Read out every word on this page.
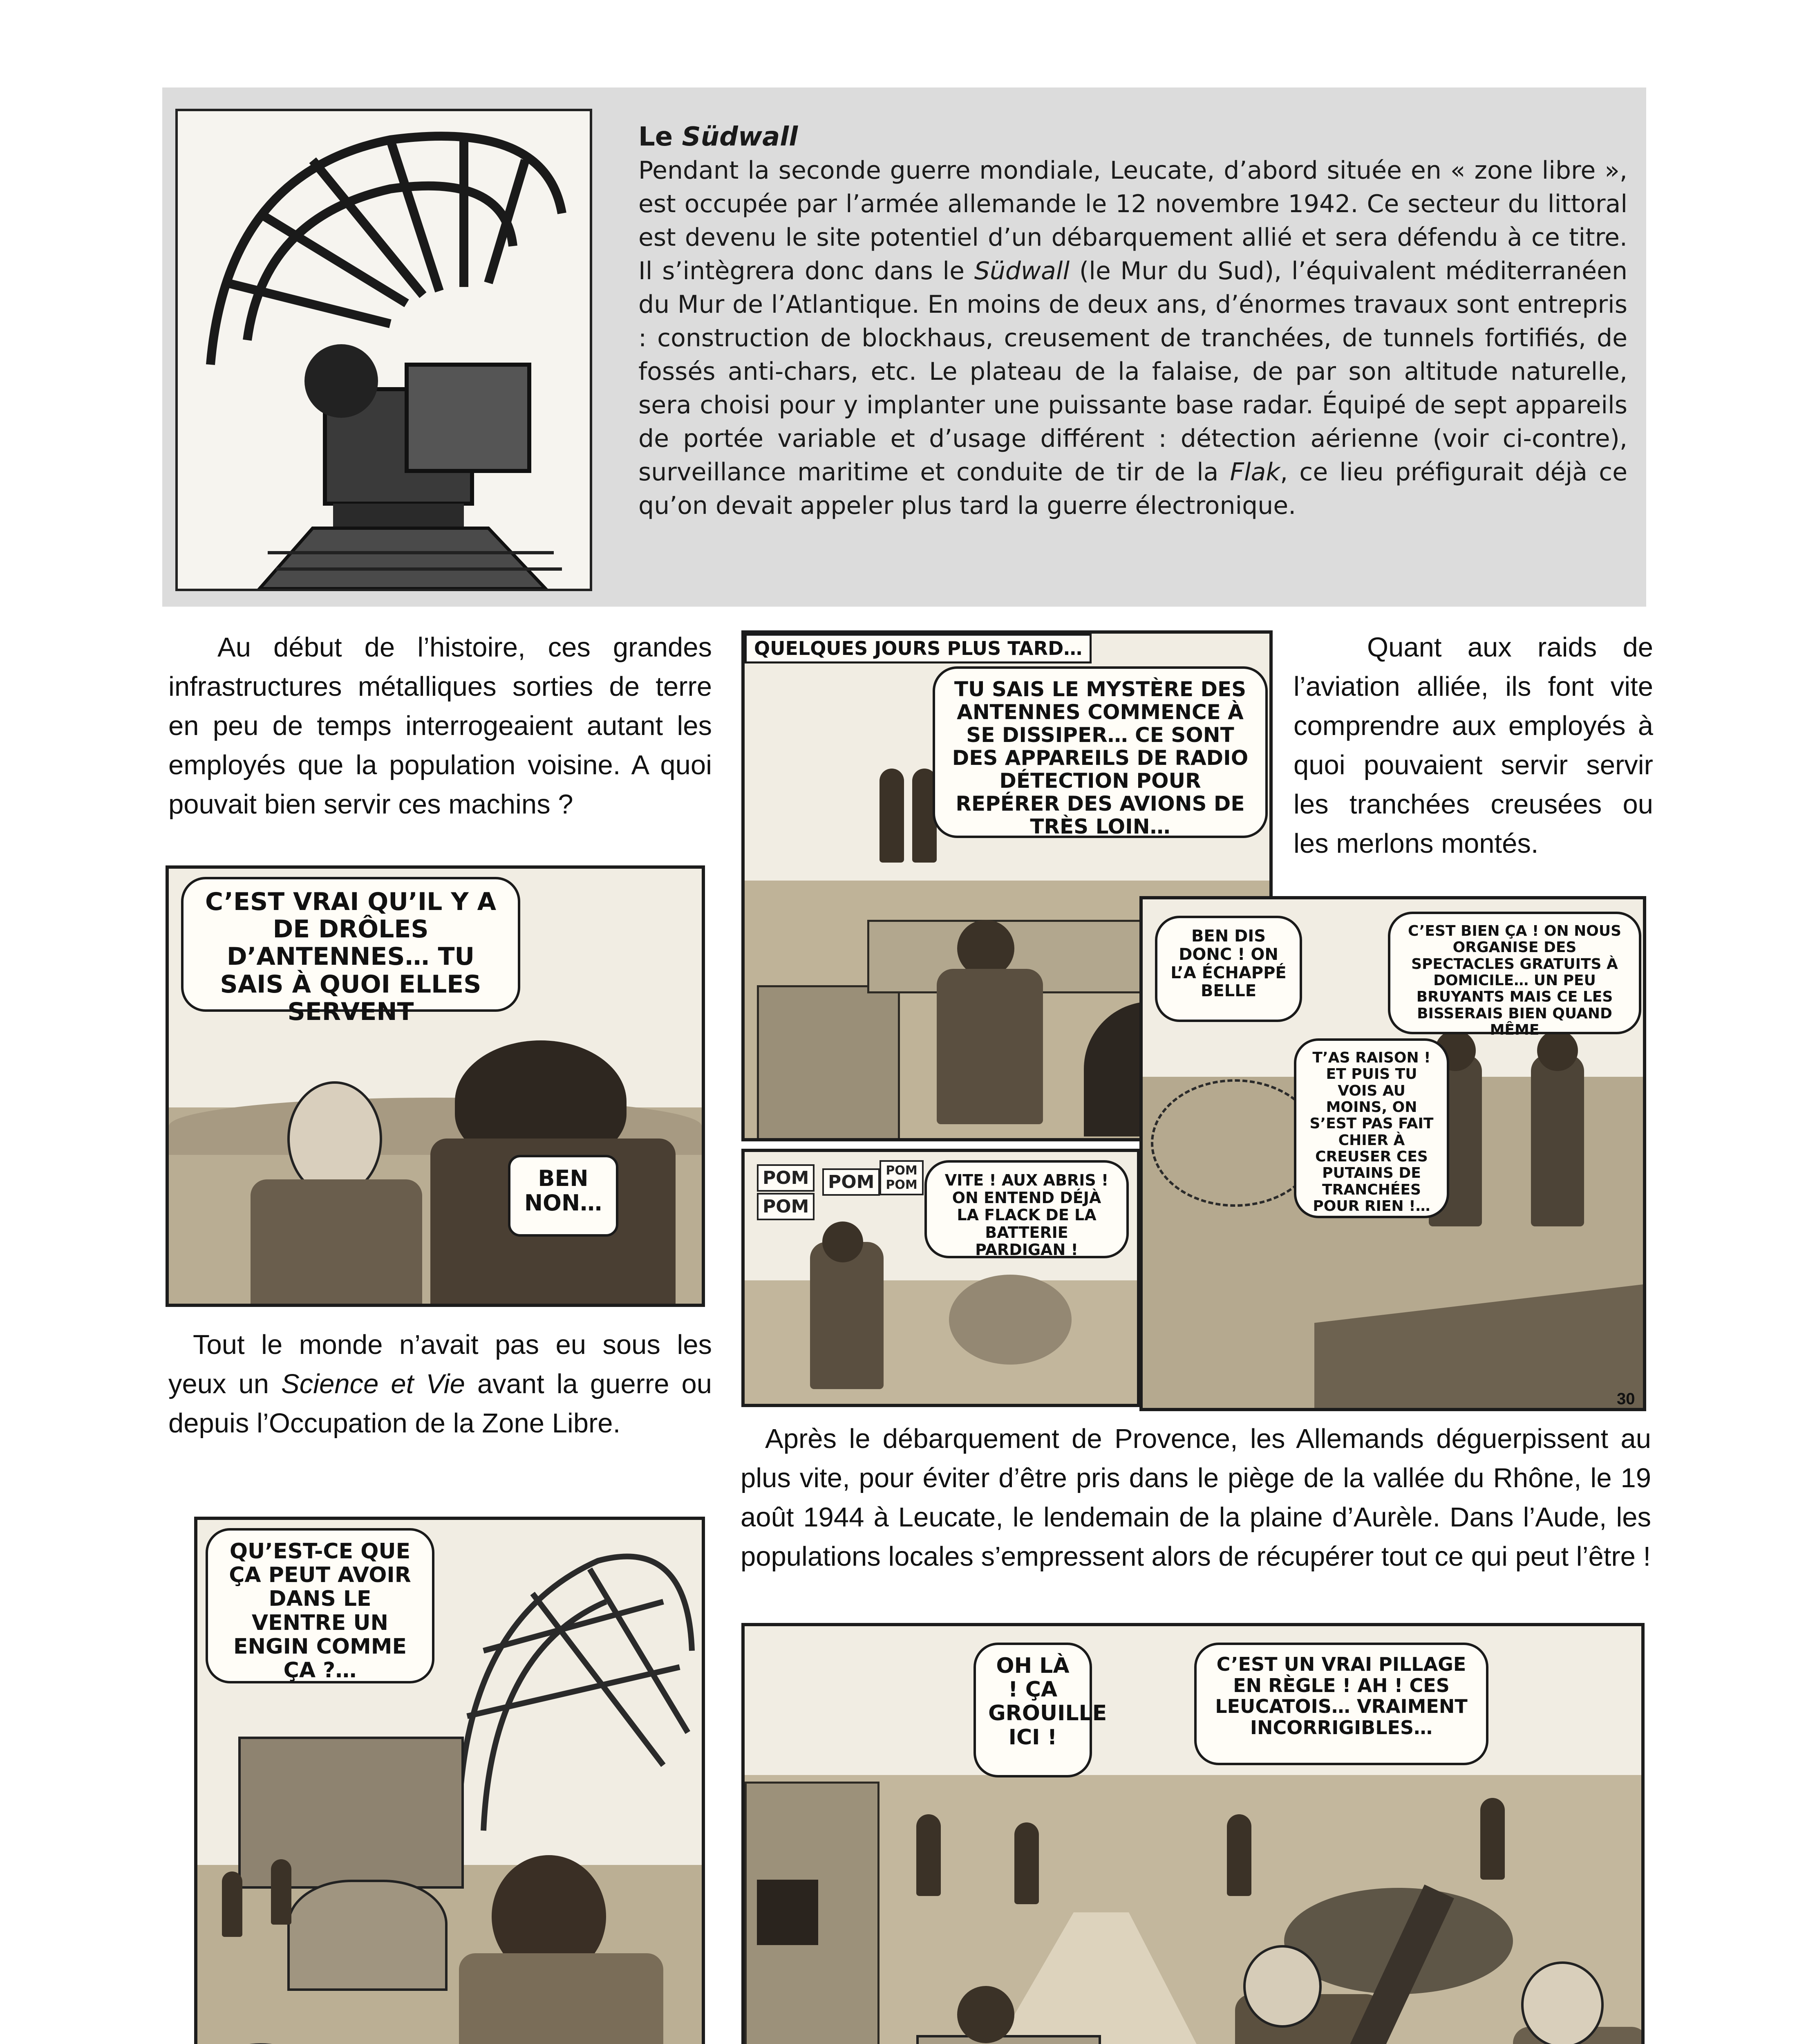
Le Südwall
Pendant la seconde guerre mondiale, Leucate, d’abord située en « zone libre », est occupée par l’armée allemande le 12 novembre 1942. Ce secteur du littoral est devenu le site potentiel d’un débarquement allié et sera défendu à ce titre. Il s’intègrera donc dans le Südwall (le Mur du Sud), l’équivalent méditerranéen du Mur de l’Atlantique. En moins de deux ans, d’énormes travaux sont entrepris : construction de blockhaus, creusement de tranchées, de tunnels fortifiés, de fossés anti-chars, etc. Le plateau de la falaise, de par son altitude naturelle, sera choisi pour y implanter une puissante base radar. Équipé de sept appareils de portée variable et d’usage différent : détection aérienne (voir ci-contre), surveillance maritime et conduite de tir de la Flak, ce lieu préfigurait déjà ce qu’on devait appeler plus tard la guerre électronique.
Au début de l’histoire, ces grandes infrastructures métalliques sorties de terre en peu de temps interrogeaient autant les employés que la population voisine. A quoi pouvait bien servir ces machins ?
Quant aux raids de l’aviation alliée, ils font vite comprendre aux employés à quoi pouvaient servir servir les tranchées creusées ou les merlons montés.
Tout le monde n’avait pas eu sous les yeux un Science et Vie avant la guerre ou depuis l’Occupation de la Zone Libre.
Après le débarquement de Provence, les Allemands déguerpissent au plus vite, pour éviter d’être pris dans le piège de la vallée du Rhône, le 19 août 1944 à Leucate, le lendemain de la plaine d’Aurèle. Dans l’Aude, les populations locales s’empressent alors de récupérer tout ce qui peut l’être !
C’EST VRAI QU’IL Y A DE DRÔLES D’ANTENNES… TU SAIS À QUOI ELLES SERVENT
BEN NON…
QUELQUES JOURS PLUS TARD…
TU SAIS LE MYSTÈRE DES ANTENNES COMMENCE À SE DISSIPER… CE SONT DES APPAREILS DE RADIO DÉTECTION POUR REPÉRER DES AVIONS DE TRÈS LOIN…
BEN DIS DONC ! ON L’A ÉCHAPPÉ BELLE
C’EST BIEN ÇA ! ON NOUS ORGANISE DES SPECTACLES GRATUITS À DOMICILE… UN PEU BRUYANTS MAIS CE LES BISSERAIS BIEN QUAND MÊME
T’AS RAISON ! ET PUIS TU VOIS AU MOINS, ON S’EST PAS FAIT CHIER À CREUSER CES PUTAINS DE TRANCHÉES POUR RIEN !…
30
POM
POM
POM
POM POM	VITE ! AUX ABRIS ! ON ENTEND DÉJÀ LA FLACK DE LA BATTERIE PARDIGAN !
QU’EST-CE QUE ÇA PEUT AVOIR DANS LE VENTRE UN ENGIN COMME ÇA ?…	OH LÀ ! ÇA GROUILLE ICI !
C’EST UN VRAI PILLAGE EN RÈGLE ! AH ! CES LEUCATOIS… VRAIMENT INCORRIGIBLES…
